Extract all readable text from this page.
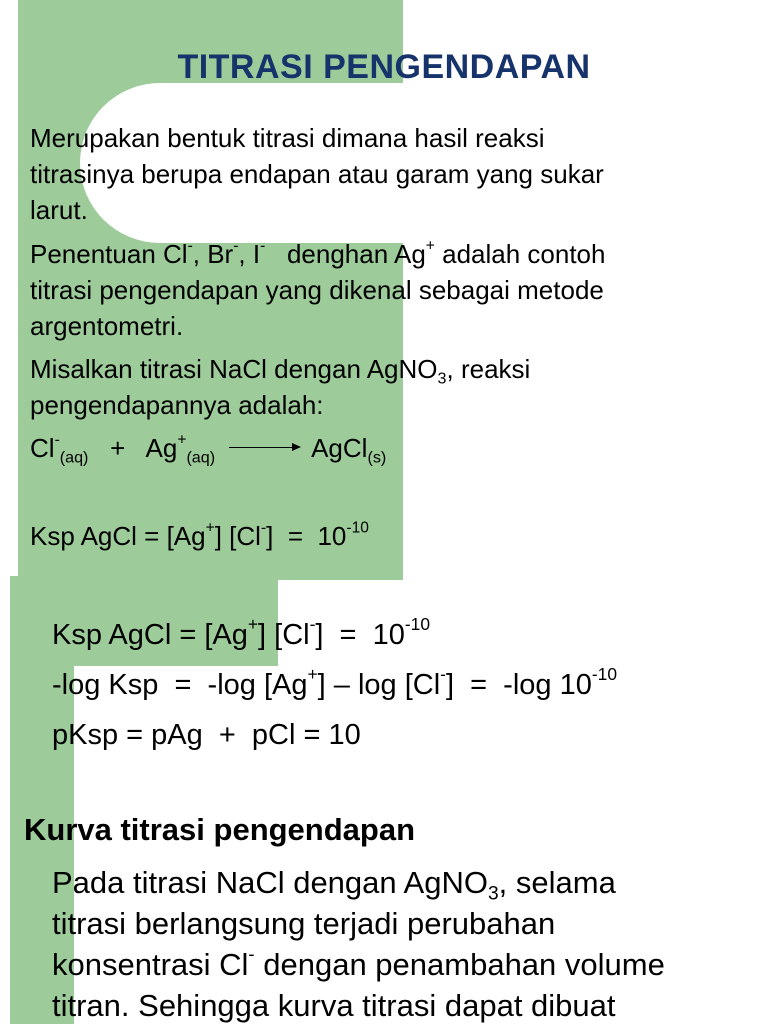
TITRASI PENGENDAPAN
Merupakan bentuk titrasi dimana hasil reaksi
titrasinya berupa endapan atau garam yang sukar
larut.
Penentuan Cl-, Br-, I-   denghan Ag+ adalah contoh
titrasi pengendapan yang dikenal sebagai metode
argentometri.
Misalkan titrasi NaCl dengan AgNO$_3$, reaksi
pengendapannya adalah:
$Cl^-_{(aq)} + Ag^+_{(aq)}$ → AgCl$_{(s)}$
Ksp AgCl = [Ag+] $[Cl^-] = 10^{-10}$
Ksp AgCl = [Ag+] $[Cl^-] = 10^{-10}$
-log Ksp  =  -log [Ag+] – log [Cl-]  =  -log $10^{-10}$
pKsp = pAg  +  pCl = 10
Kurva titrasi pengendapan
Pada titrasi NaCl dengan AgNO$_3$, selama
titrasi berlangsung terjadi perubahan
konsentrasi Cl- dengan penambahan volume
titran. Sehingga kurva titrasi dapat dibuat
